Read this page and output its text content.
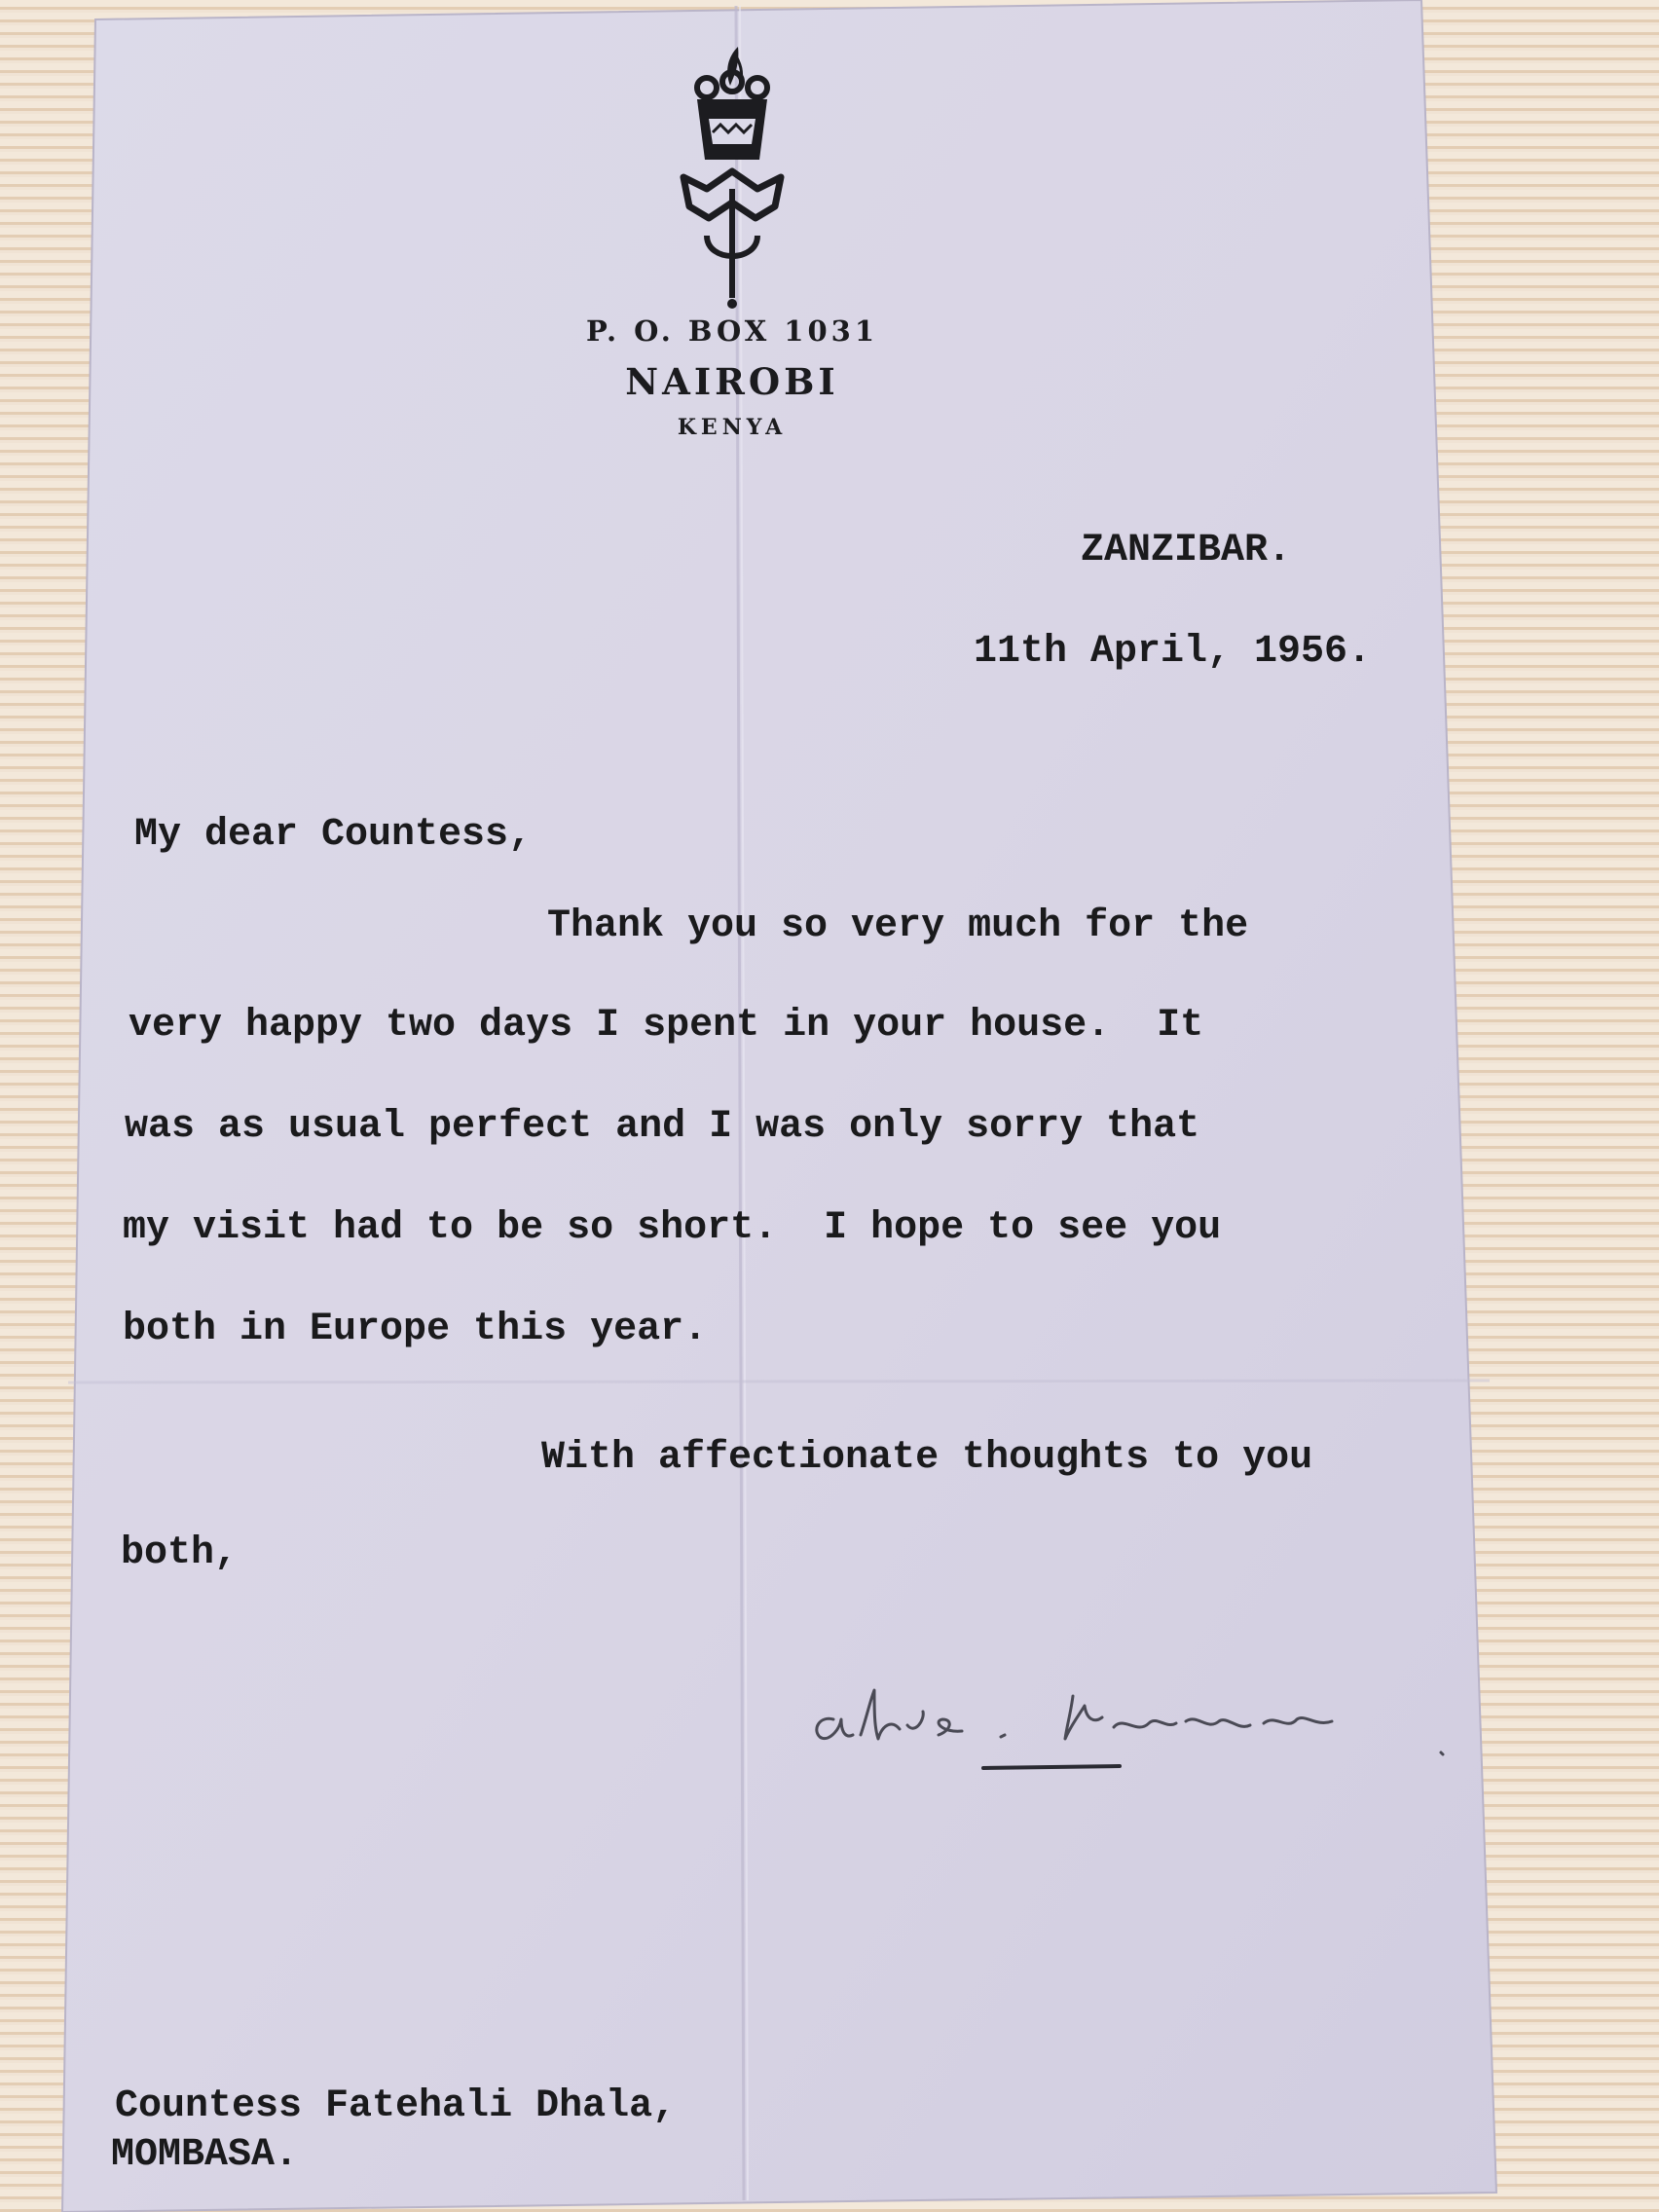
P. O. BOX 1031
NAIROBI
KENYA

ZANZIBAR.

11th April, 1956.

My dear Countess,

Thank you so very much for the

very happy two days I spent in your house.  It

was as usual perfect and I was only sorry that

my visit had to be so short.  I hope to see you

both in Europe this year.

With affectionate thoughts to you

both,

Countess Fatehali Dhala,

MOMBASA.
